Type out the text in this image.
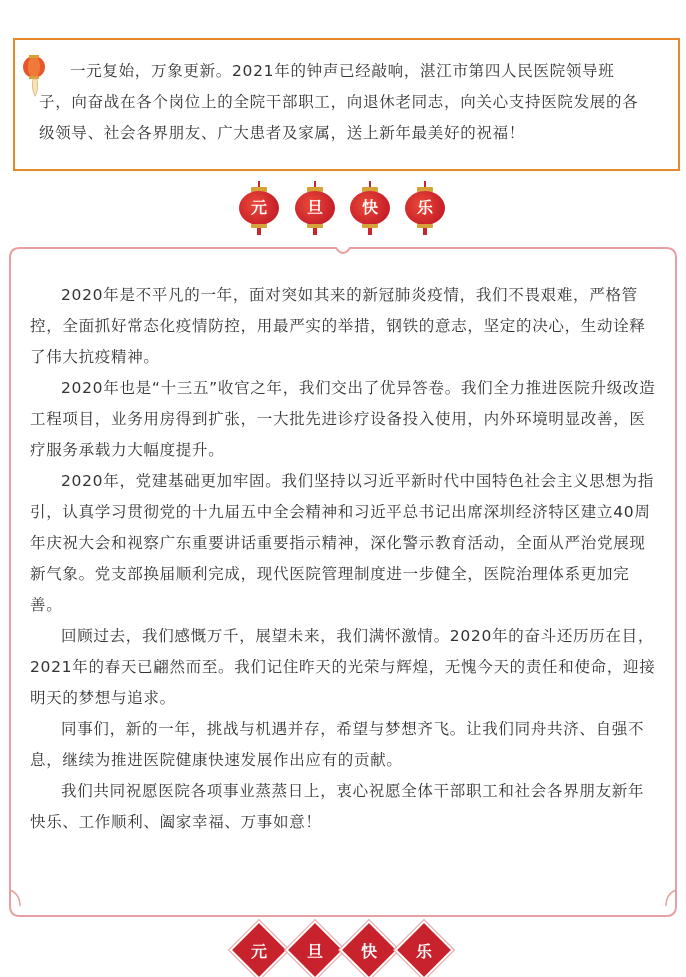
一元复始，万象更新。2021年的钟声已经敲响，湛江市第四人民医院领导班子，向奋战在各个岗位上的全院干部职工，向退休老同志，向关心支持医院发展的各级领导、社会各界朋友、广大患者及家属，送上新年最美好的祝福！

元 旦 快 乐

2020年是不平凡的一年，面对突如其来的新冠肺炎疫情，我们不畏艰难，严格管控，全面抓好常态化疫情防控，用最严实的举措，钢铁的意志，坚定的决心，生动诠释了伟大抗疫精神。

2020年也是“十三五”收官之年，我们交出了优异答卷。我们全力推进医院升级改造工程项目，业务用房得到扩张，一大批先进诊疗设备投入使用，内外环境明显改善，医疗服务承载力大幅度提升。

2020年，党建基础更加牢固。我们坚持以习近平新时代中国特色社会主义思想为指引，认真学习贯彻党的十九届五中全会精神和习近平总书记出席深圳经济特区建立40周年庆祝大会和视察广东重要讲话重要指示精神，深化警示教育活动，全面从严治党展现新气象。党支部换届顺利完成，现代医院管理制度进一步健全，医院治理体系更加完善。

回顾过去，我们感慨万千，展望未来，我们满怀激情。2020年的奋斗还历历在目，2021年的春天已翩然而至。我们记住昨天的光荣与辉煌，无愧今天的责任和使命，迎接明天的梦想与追求。

同事们，新的一年，挑战与机遇并存，希望与梦想齐飞。让我们同舟共济、自强不息，继续为推进医院健康快速发展作出应有的贡献。

我们共同祝愿医院各项事业蒸蒸日上，衷心祝愿全体干部职工和社会各界朋友新年快乐、工作顺利、阖家幸福、万事如意！

元	旦	快	乐
